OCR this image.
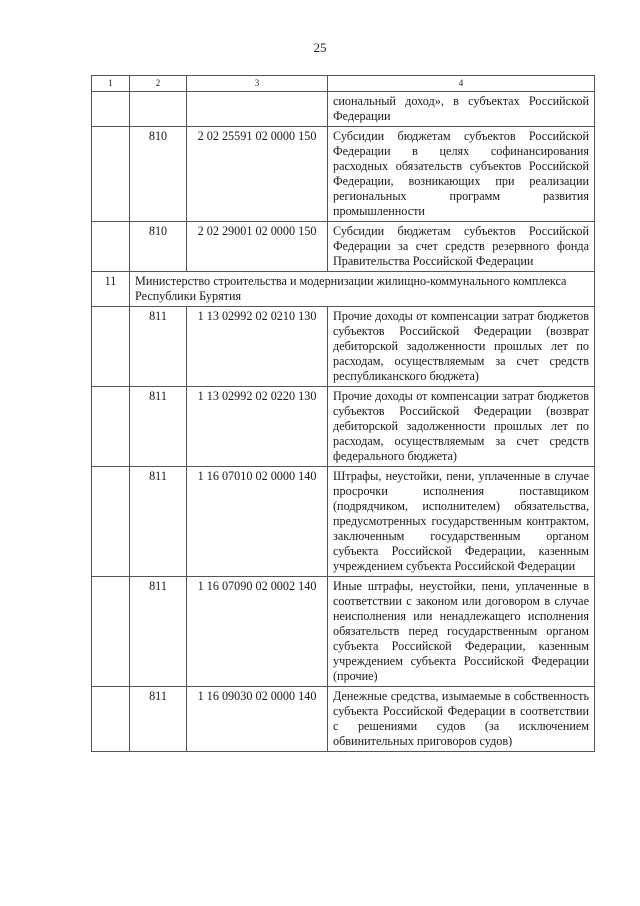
25
1	2	3	4
			сиональный доход», в субъектах Российской Федерации
	810	2 02 25591 02 0000 150	Субсидии бюджетам субъектов Российской Федерации в целях софинансирования расходных обязательств субъектов Российской Федерации, возникающих при реализации региональных программ развития промышленности
	810	2 02 29001 02 0000 150	Субсидии бюджетам субъектов Российской Федерации за счет средств резервного фонда Правительства Российской Федерации
11	Министерство строительства и модернизации жилищно-коммунального комплекса Республики Бурятия		
	811	1 13 02992 02 0210 130	Прочие доходы от компенсации затрат бюджетов субъектов Российской Федерации (возврат дебиторской задолженности прошлых лет по расходам, осуществляемым за счет средств республиканского бюджета)
	811	1 13 02992 02 0220 130	Прочие доходы от компенсации затрат бюджетов субъектов Российской Федерации (возврат дебиторской задолженности прошлых лет по расходам, осуществляемым за счет средств федерального бюджета)
	811	1 16 07010 02 0000 140	Штрафы, неустойки, пени, уплаченные в случае просрочки исполнения поставщиком (подрядчиком, исполнителем) обязательства, предусмотренных государственным контрактом, заключенным государственным органом субъекта Российской Федерации, казенным учреждением субъекта Российской Федерации
	811	1 16 07090 02 0002 140	Иные штрафы, неустойки, пени, уплаченные в соответствии с законом или договором в случае неисполнения или ненадлежащего исполнения обязательств перед государственным органом субъекта Российской Федерации, казенным учреждением субъекта Российской Федерации (прочие)
	811	1 16 09030 02 0000 140	Денежные средства, изымаемые в собственность субъекта Российской Федерации в соответствии с решениями судов (за исключением обвинительных приговоров судов)
